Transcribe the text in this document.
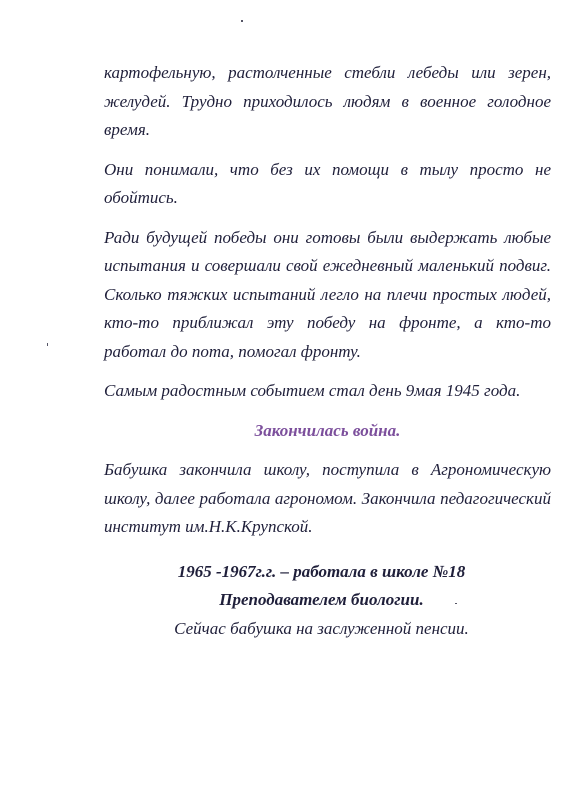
картофельную, растолченные стебли лебеды или зерен, желудей. Трудно приходилось людям в военное голодное время.

Они понимали, что без их помощи в тылу просто не обойтись.

Ради будущей победы они готовы были выдержать любые испытания и совершали свой ежедневный маленький подвиг. Сколько тяжких испытаний легло на плечи простых людей, кто-то приближал эту победу на фронте, а кто-то работал до пота, помогал фронту.

Самым радостным событием стал день 9мая 1945 года.

Закончилась война.

Бабушка закончила школу, поступила в Агрономическую школу, далее работала агрономом. Закончила педагогический институт им.Н.К.Крупской.

1965 -1967г.г. – работала в школе №18

Преподавателем биологии.

Сейчас бабушка на заслуженной пенсии.
